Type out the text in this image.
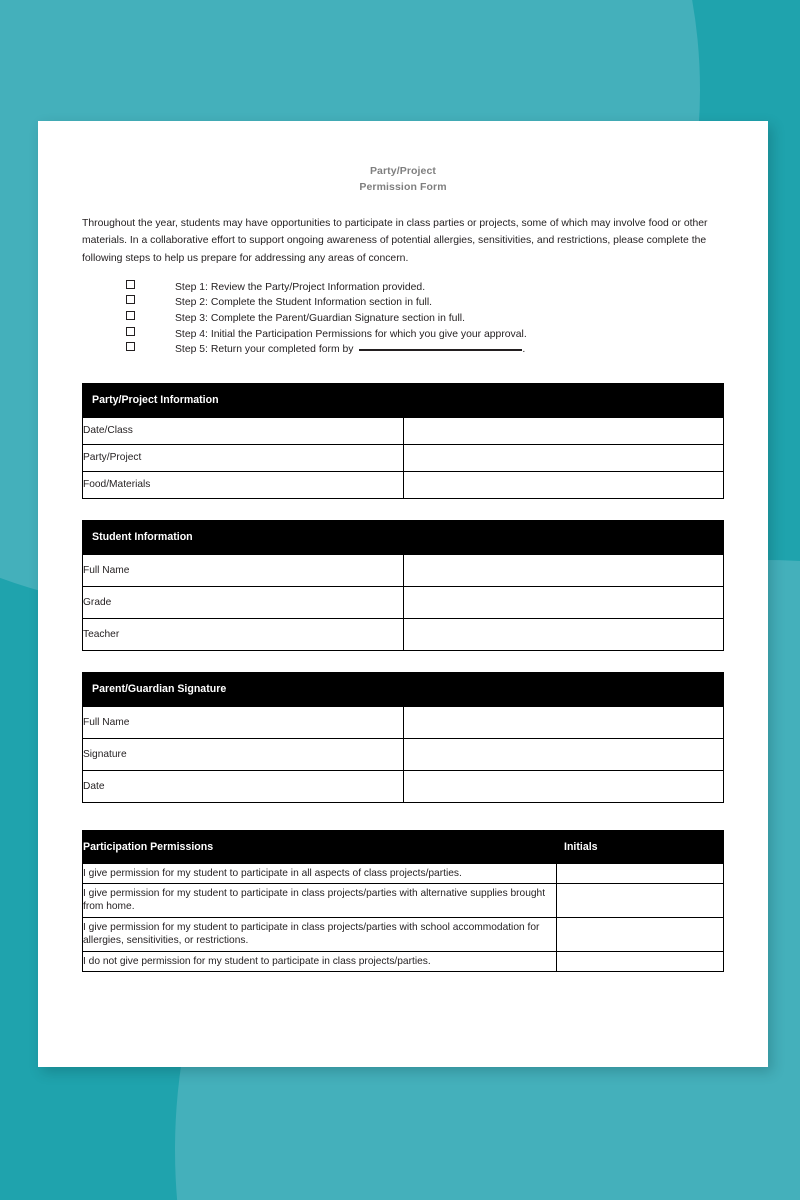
Party/Project
Permission Form

Throughout the year, students may have opportunities to participate in class parties or projects, some of which may involve food or other materials. In a collaborative effort to support ongoing awareness of potential allergies, sensitivities, and restrictions, please complete the following steps to help us prepare for addressing any areas of concern.

Step 1: Review the Party/Project Information provided.
Step 2: Complete the Student Information section in full.
Step 3: Complete the Parent/Guardian Signature section in full.
Step 4: Initial the Participation Permissions for which you give your approval.
Step 5: Return your completed form by	.
Party/Project Information	
Date/Class	
Party/Project	
Food/Materials	
Student Information	
Full Name	
Grade	
Teacher	
Parent/Guardian Signature	
Full Name	
Signature	
Date	
Participation Permissions	Initials
I give permission for my student to participate in all aspects of class projects/parties.	
I give permission for my student to participate in class projects/parties with alternative supplies brought from home.	
I give permission for my student to participate in class projects/parties with school accommodation for allergies, sensitivities, or restrictions.	
I do not give permission for my student to participate in class projects/parties.	
